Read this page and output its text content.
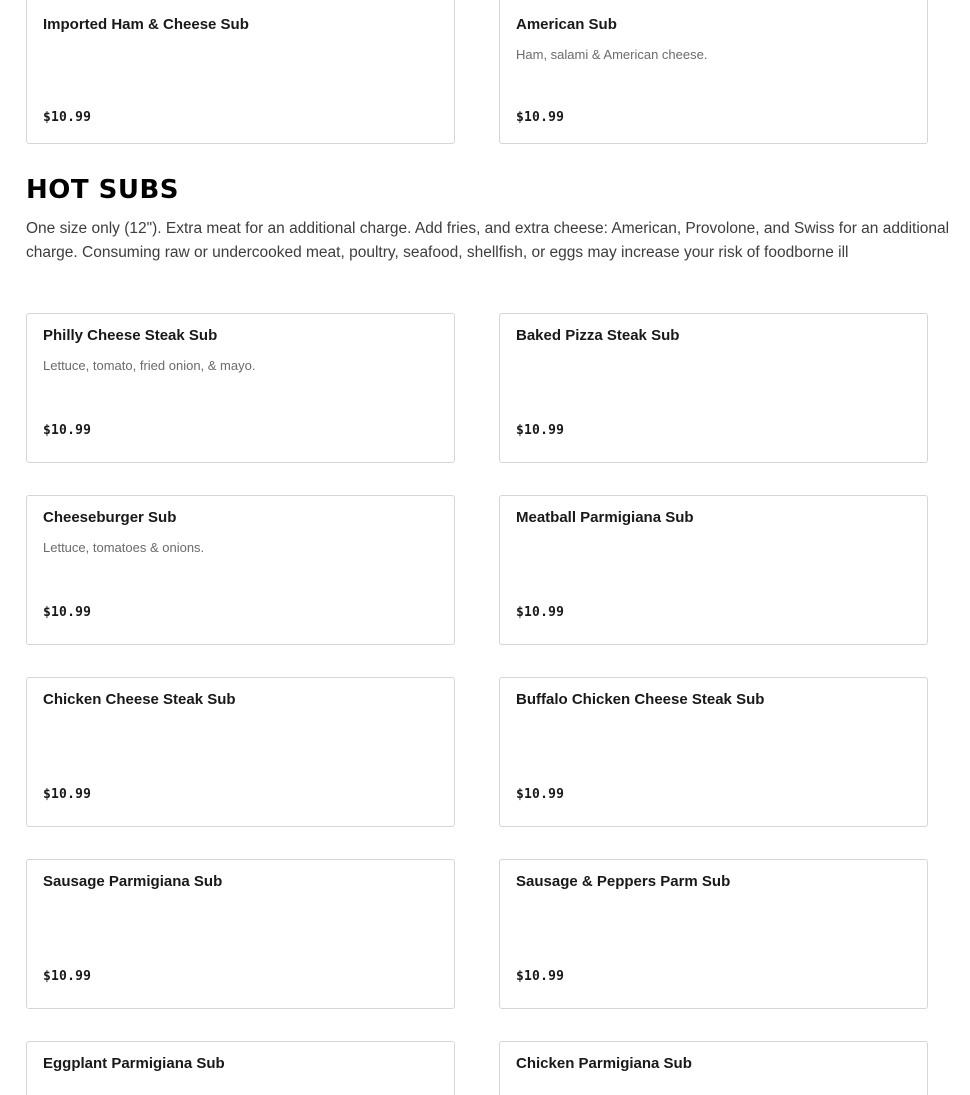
Imported Ham & Cheese Sub
$10.99
American Sub
Ham, salami & American cheese.
$10.99
HOT SUBS

One size only (12"). Extra meat for an additional charge. Add fries, and extra cheese: American, Provolone, and Swiss for an additional charge. Consuming raw or undercooked meat, poultry, seafood, shellfish, or eggs may increase your risk of foodborne ill

Philly Cheese Steak Sub
Lettuce, tomato, fried onion, & mayo.
$10.99
Baked Pizza Steak Sub
$10.99
Cheeseburger Sub
Lettuce, tomatoes & onions.
$10.99
Meatball Parmigiana Sub
$10.99
Chicken Cheese Steak Sub
$10.99
Buffalo Chicken Cheese Steak Sub
$10.99
Sausage Parmigiana Sub
$10.99
Sausage & Peppers Parm Sub
$10.99
Eggplant Parmigiana Sub	Chicken Parmigiana Sub
